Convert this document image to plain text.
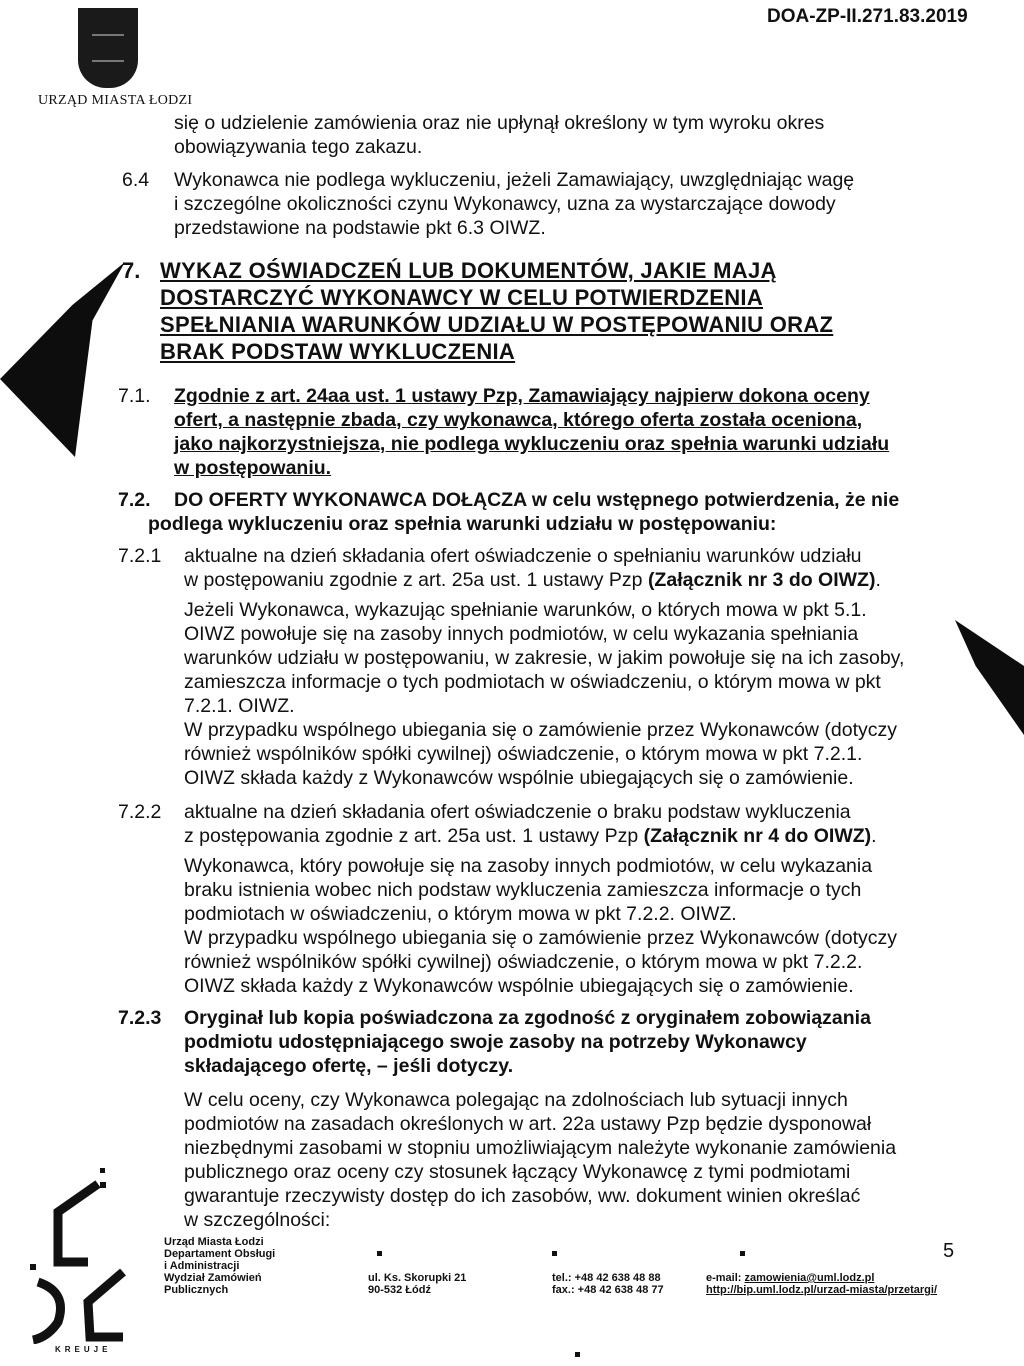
URZĄD MIASTA ŁODZI
DOA-ZP-II.271.83.2019
się o udzielenie zamówienia oraz nie upłynął określony w tym wyroku okres
obowiązywania tego zakazu.
6.4 Wykonawca nie podlega wykluczeniu, jeżeli Zamawiający, uwzględniając wagę
i szczególne okoliczności czynu Wykonawcy, uzna za wystarczające dowody
przedstawione na podstawie pkt 6.3 OIWZ.
7. WYKAZ OŚWIADCZEŃ LUB DOKUMENTÓW, JAKIE MAJĄ
DOSTARCZYĆ WYKONAWCY W CELU POTWIERDZENIA
SPEŁNIANIA WARUNKÓW UDZIAŁU W POSTĘPOWANIU ORAZ
BRAK PODSTAW WYKLUCZENIA
7.1. Zgodnie z art. 24aa ust. 1 ustawy Pzp, Zamawiający najpierw dokona oceny
ofert, a następnie zbada, czy wykonawca, którego oferta została oceniona,
jako najkorzystniejsza, nie podlega wykluczeniu oraz spełnia warunki udziału
w postępowaniu.
7.2. DO OFERTY WYKONAWCA DOŁĄCZA w celu wstępnego potwierdzenia, że nie
podlega wykluczeniu oraz spełnia warunki udziału w postępowaniu:
7.2.1 aktualne na dzień składania ofert oświadczenie o spełnianiu warunków udziału
w postępowaniu zgodnie z art. 25a ust. 1 ustawy Pzp (Załącznik nr 3 do OIWZ).
Jeżeli Wykonawca, wykazując spełnianie warunków, o których mowa w pkt 5.1.
OIWZ powołuje się na zasoby innych podmiotów, w celu wykazania spełniania
warunków udziału w postępowaniu, w zakresie, w jakim powołuje się na ich zasoby,
zamieszcza informacje o tych podmiotach w oświadczeniu, o którym mowa w pkt
7.2.1. OIWZ.
W przypadku wspólnego ubiegania się o zamówienie przez Wykonawców (dotyczy
również wspólników spółki cywilnej) oświadczenie, o którym mowa w pkt 7.2.1.
OIWZ składa każdy z Wykonawców wspólnie ubiegających się o zamówienie.
7.2.2 aktualne na dzień składania ofert oświadczenie o braku podstaw wykluczenia
z postępowania zgodnie z art. 25a ust. 1 ustawy Pzp (Załącznik nr 4 do OIWZ).
Wykonawca, który powołuje się na zasoby innych podmiotów, w celu wykazania
braku istnienia wobec nich podstaw wykluczenia zamieszcza informacje o tych
podmiotach w oświadczeniu, o którym mowa w pkt 7.2.2. OIWZ.
W przypadku wspólnego ubiegania się o zamówienie przez Wykonawców (dotyczy
również wspólników spółki cywilnej) oświadczenie, o którym mowa w pkt 7.2.2.
OIWZ składa każdy z Wykonawców wspólnie ubiegających się o zamówienie.
7.2.3 Oryginał lub kopia poświadczona za zgodność z oryginałem zobowiązania
podmiotu udostępniającego swoje zasoby na potrzeby Wykonawcy
składającego ofertę, – jeśli dotyczy.
W celu oceny, czy Wykonawca polegając na zdolnościach lub sytuacji innych
podmiotów na zasadach określonych w art. 22a ustawy Pzp będzie dysponował
niezbędnymi zasobami w stopniu umożliwiającym należyte wykonanie zamówienia
publicznego oraz oceny czy stosunek łączący Wykonawcę z tymi podmiotami
gwarantuje rzeczywisty dostęp do ich zasobów, ww. dokument winien określać
w szczególności:
KREUJE
Urząd Miasta Łodzi
Departament Obsługi
i Administracji
Wydział Zamówień
Publicznych
ul. Ks. Skorupki 21
90-532 Łódź
tel.: +48 42 638 48 88
fax.: +48 42 638 48 77
e-mail: zamowienia@uml.lodz.pl
http://bip.uml.lodz.pl/urzad-miasta/przetargi/
5
